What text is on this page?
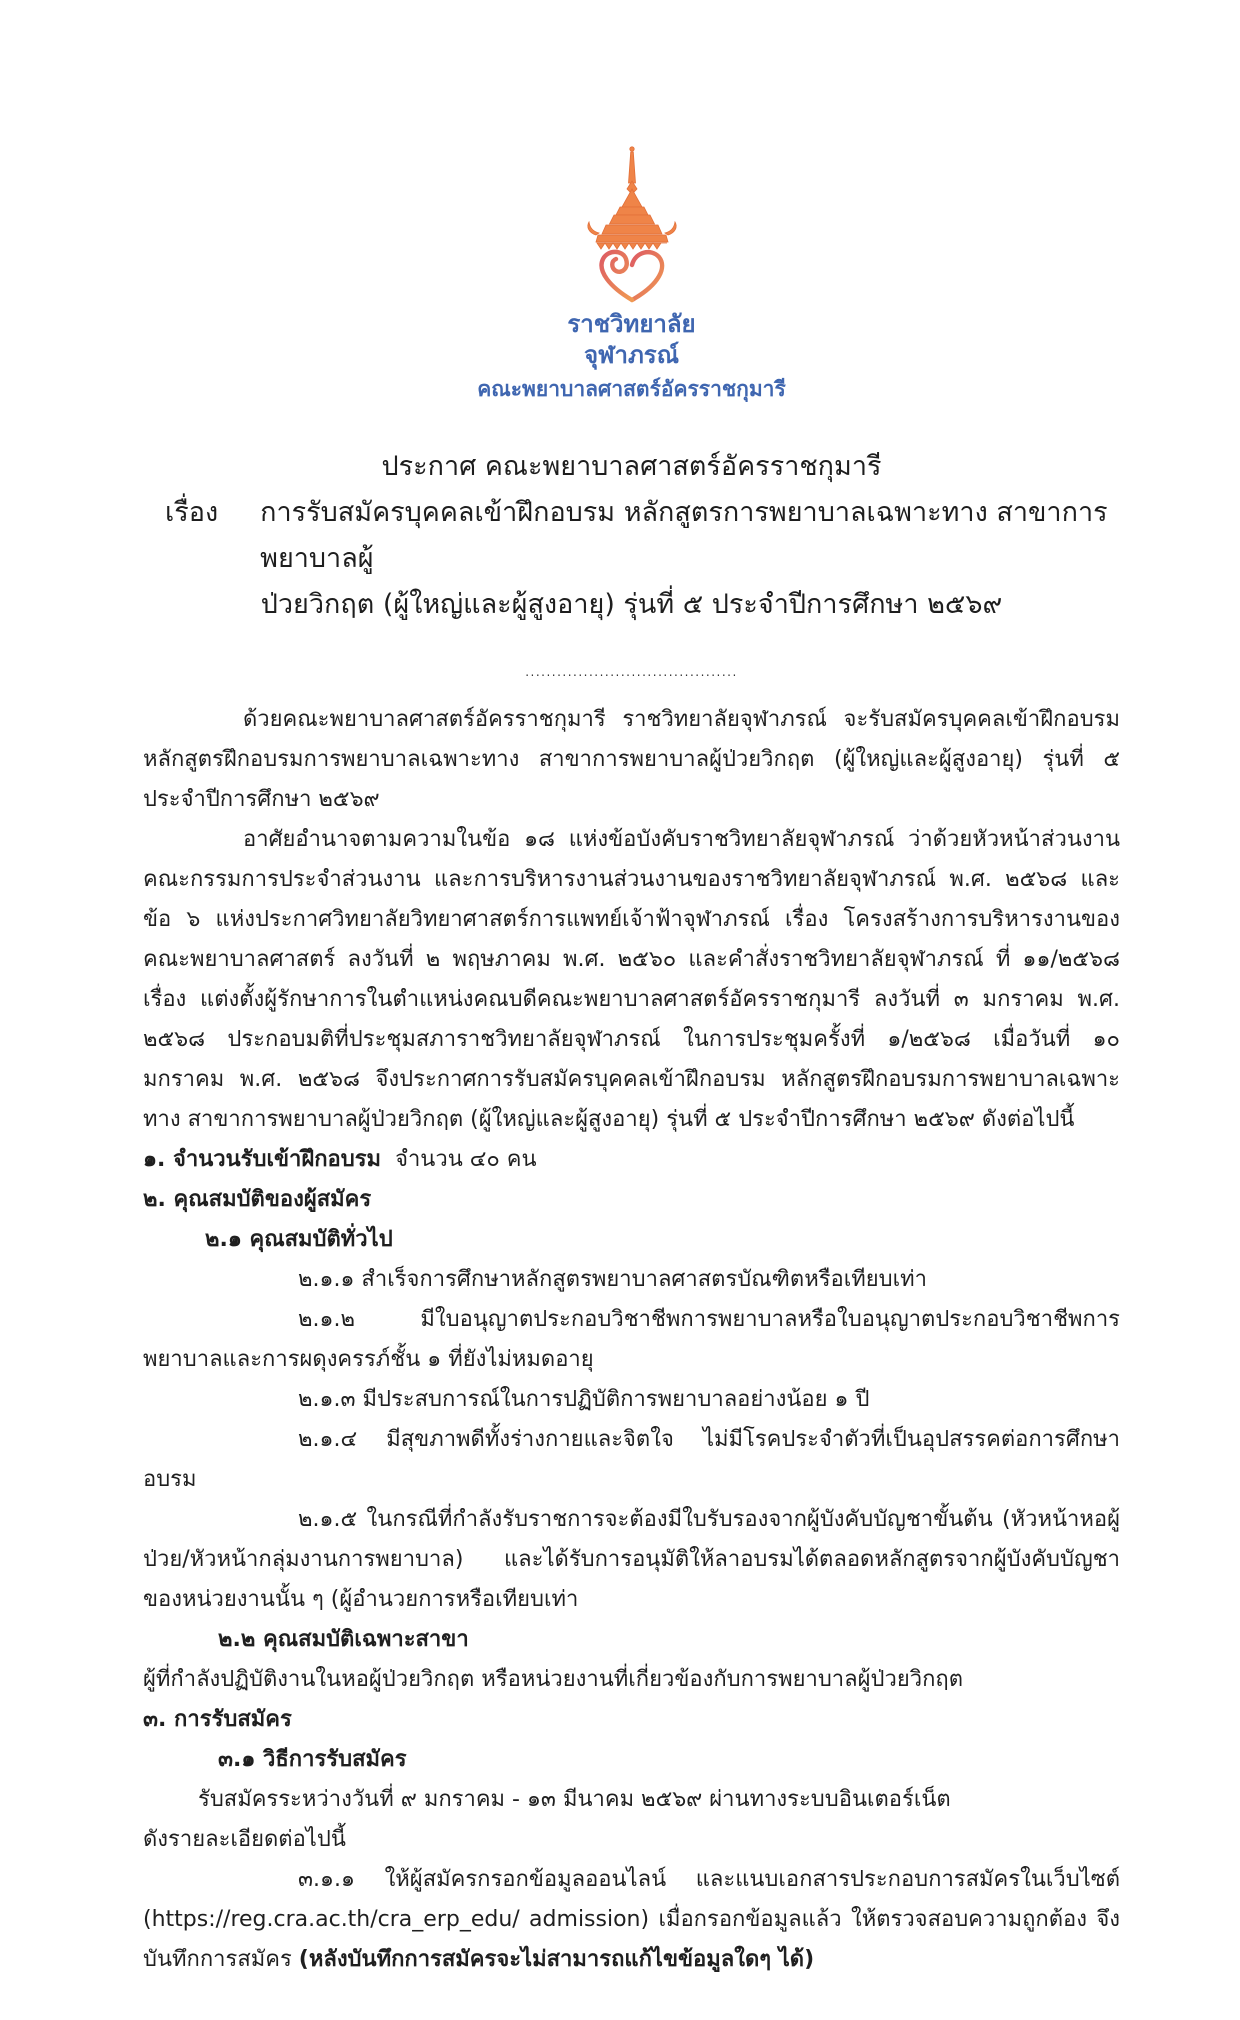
ราชวิทยาลัย
จุฬาภรณ์
คณะพยาบาลศาสตร์อัครราชกุมารี
ประกาศ คณะพยาบาลศาสตร์อัครราชกุมารี
เรื่อง การรับสมัครบุคคลเข้าฝึกอบรม หลักสูตรการพยาบาลเฉพาะทาง สาขาการพยาบาลผู้
ป่วยวิกฤต (ผู้ใหญ่และผู้สูงอายุ) รุ่นที่ ๕ ประจำปีการศึกษา ๒๕๖๙
........................................

ด้วยคณะพยาบาลศาสตร์อัครราชกุมารี ราชวิทยาลัยจุฬาภรณ์ จะรับสมัครบุคคลเข้าฝึกอบรม หลักสูตรฝึกอบรมการพยาบาลเฉพาะทาง สาขาการพยาบาลผู้ป่วยวิกฤต (ผู้ใหญ่และผู้สูงอายุ) รุ่นที่ ๕ ประจำปีการศึกษา ๒๕๖๙

อาศัยอำนาจตามความในข้อ ๑๘ แห่งข้อบังคับราชวิทยาลัยจุฬาภรณ์ ว่าด้วยหัวหน้าส่วนงาน คณะกรรมการประจำส่วนงาน และการบริหารงานส่วนงานของราชวิทยาลัยจุฬาภรณ์ พ.ศ. ๒๕๖๘ และข้อ ๖ แห่งประกาศวิทยาลัยวิทยาศาสตร์การแพทย์เจ้าฟ้าจุฬาภรณ์ เรื่อง โครงสร้างการบริหารงานของคณะพยาบาลศาสตร์ ลงวันที่ ๒ พฤษภาคม พ.ศ. ๒๕๖๐ และคำสั่งราชวิทยาลัยจุฬาภรณ์ ที่ ๑๑/๒๕๖๘ เรื่อง แต่งตั้งผู้รักษาการในตำแหน่งคณบดีคณะพยาบาลศาสตร์อัครราชกุมารี ลงวันที่ ๓ มกราคม พ.ศ. ๒๕๖๘ ประกอบมติที่ประชุมสภาราชวิทยาลัยจุฬาภรณ์ ในการประชุมครั้งที่ ๑/๒๕๖๘ เมื่อวันที่ ๑๐ มกราคม พ.ศ. ๒๕๖๘ จึงประกาศการรับสมัครบุคคลเข้าฝึกอบรม หลักสูตรฝึกอบรมการพยาบาลเฉพาะทาง สาขาการพยาบาลผู้ป่วยวิกฤต (ผู้ใหญ่และผู้สูงอายุ) รุ่นที่ ๕ ประจำปีการศึกษา ๒๕๖๙ ดังต่อไปนี้

๑. จำนวนรับเข้าฝึกอบรม จำนวน ๔๐ คน

๒. คุณสมบัติของผู้สมัคร

๒.๑ คุณสมบัติทั่วไป

๒.๑.๑ สำเร็จการศึกษาหลักสูตรพยาบาลศาสตรบัณฑิตหรือเทียบเท่า

๒.๑.๒ มีใบอนุญาตประกอบวิชาชีพการพยาบาลหรือใบอนุญาตประกอบวิชาชีพการพยาบาลและการผดุงครรภ์ชั้น ๑ ที่ยังไม่หมดอายุ

๒.๑.๓ มีประสบการณ์ในการปฏิบัติการพยาบาลอย่างน้อย ๑ ปี

๒.๑.๔ มีสุขภาพดีทั้งร่างกายและจิตใจ ไม่มีโรคประจำตัวที่เป็นอุปสรรคต่อการศึกษาอบรม

๒.๑.๕ ในกรณีที่กำลังรับราชการจะต้องมีใบรับรองจากผู้บังคับบัญชาขั้นต้น (หัวหน้าหอผู้ป่วย/หัวหน้ากลุ่มงานการพยาบาล) และได้รับการอนุมัติให้ลาอบรมได้ตลอดหลักสูตรจากผู้บังคับบัญชาของหน่วยงานนั้น ๆ (ผู้อำนวยการหรือเทียบเท่า

๒.๒ คุณสมบัติเฉพาะสาขา

ผู้ที่กำลังปฏิบัติงานในหอผู้ป่วยวิกฤต หรือหน่วยงานที่เกี่ยวข้องกับการพยาบาลผู้ป่วยวิกฤต

๓. การรับสมัคร

๓.๑ วิธีการรับสมัคร

รับสมัครระหว่างวันที่ ๙ มกราคม - ๑๓ มีนาคม ๒๕๖๙ ผ่านทางระบบอินเตอร์เน็ต

ดังรายละเอียดต่อไปนี้

๓.๑.๑ ให้ผู้สมัครกรอกข้อมูลออนไลน์ และแนบเอกสารประกอบการสมัครในเว็บไซต์ (https://reg.cra.ac.th/cra_erp_edu/ admission) เมื่อกรอกข้อมูลแล้ว ให้ตรวจสอบความถูกต้อง จึงบันทึกการสมัคร (หลังบันทึกการสมัครจะไม่สามารถแก้ไขข้อมูลใดๆ ได้)
